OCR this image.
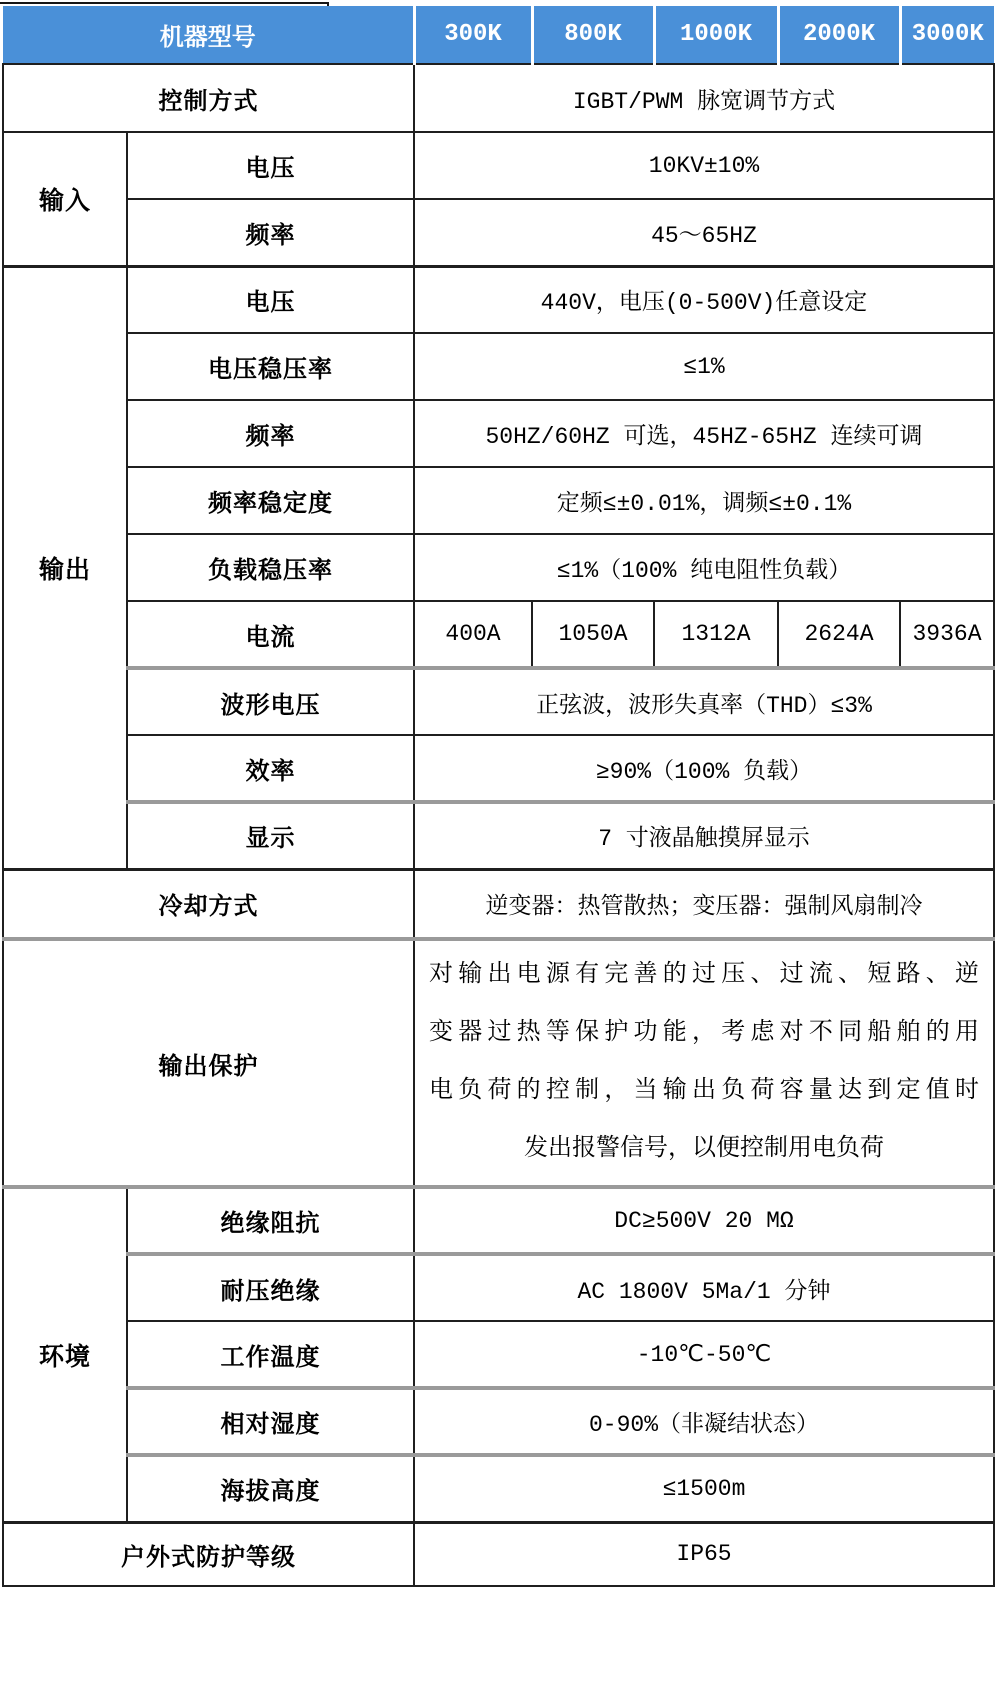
机器型号		300K	800K	1000K	2000K	3000K
控制方式		IGBT/PWM 脉宽调节方式				
输入	电压	10KV±10%				
	频率	45～65HZ				
输出	电压	440V，电压(0-500V)任意设定				
	电压稳压率	≤1%				
	频率	50HZ/60HZ 可选，45HZ-65HZ 连续可调				
	频率稳定度	定频≤±0.01%，调频≤±0.1%				
	负载稳压率	≤1%（100% 纯电阻性负载）				
	电流	400A	1050A	1312A	2624A	3936A
	波形电压	正弦波，波形失真率（THD）≤3%				
	效率	≥90%（100% 负载）				
	显示	7 寸液晶触摸屏显示				
冷却方式		逆变器：热管散热；变压器：强制风扇制冷				
输出保护		对输出电源有完善的过压、过流、短路、逆
变器过热等保护功能，考虑对不同船舶的用
电负荷的控制，当输出负荷容量达到定值时
发出报警信号，以便控制用电负荷				

环境	绝缘阻抗	DC≥500V 20 MΩ				
	耐压绝缘	AC 1800V 5Ma/1 分钟				
	工作温度	-10℃-50℃				
	相对湿度	0-90%（非凝结状态）				
	海拔高度	≤1500m				
户外式防护等级		IP65				
